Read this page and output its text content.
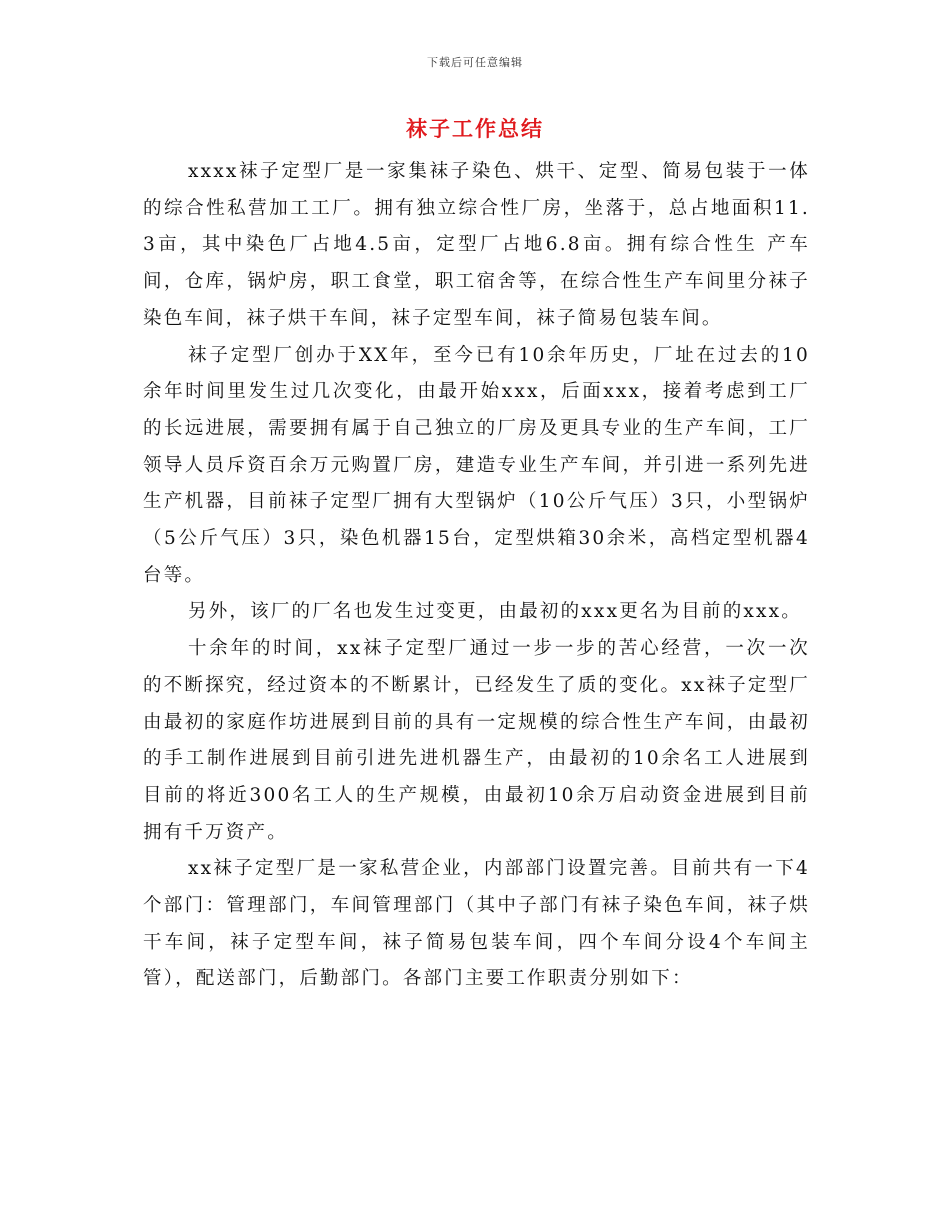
下载后可任意编辑
袜子工作总结

xxxx袜子定型厂是一家集袜子染色、烘干、定型、简易包装于一体的综合性私营加工工厂。拥有独立综合性厂房，坐落于，总占地面积11.3亩，其中染色厂占地4.5亩，定型厂占地6.8亩。拥有综合性生 产车间，仓库，锅炉房，职工食堂，职工宿舍等，在综合性生产车间里分袜子染色车间，袜子烘干车间，袜子定型车间，袜子简易包装车间。

袜子定型厂创办于XX年，至今已有10余年历史，厂址在过去的10余年时间里发生过几次变化，由最开始xxx，后面xxx，接着考虑到工厂的长远进展，需要拥有属于自己独立的厂房及更具专业的生产车间，工厂领导人员斥资百余万元购置厂房，建造专业生产车间，并引进一系列先进生产机器，目前袜子定型厂拥有大型锅炉（10公斤气压）3只，小型锅炉（5公斤气压）3只，染色机器15台，定型烘箱30余米，高档定型机器4台等。

另外，该厂的厂名也发生过变更，由最初的xxx更名为目前的xxx。

十余年的时间，xx袜子定型厂通过一步一步的苦心经营，一次一次的不断探究，经过资本的不断累计，已经发生了质的变化。xx袜子定型厂由最初的家庭作坊进展到目前的具有一定规模的综合性生产车间，由最初的手工制作进展到目前引进先进机器生产，由最初的10余名工人进展到目前的将近300名工人的生产规模，由最初10余万启动资金进展到目前拥有千万资产。

xx袜子定型厂是一家私营企业，内部部门设置完善。目前共有一下4个部门：管理部门，车间管理部门（其中子部门有袜子染色车间，袜子烘干车间，袜子定型车间，袜子简易包装车间，四个车间分设4个车间主管），配送部门，后勤部门。各部门主要工作职责分别如下：
